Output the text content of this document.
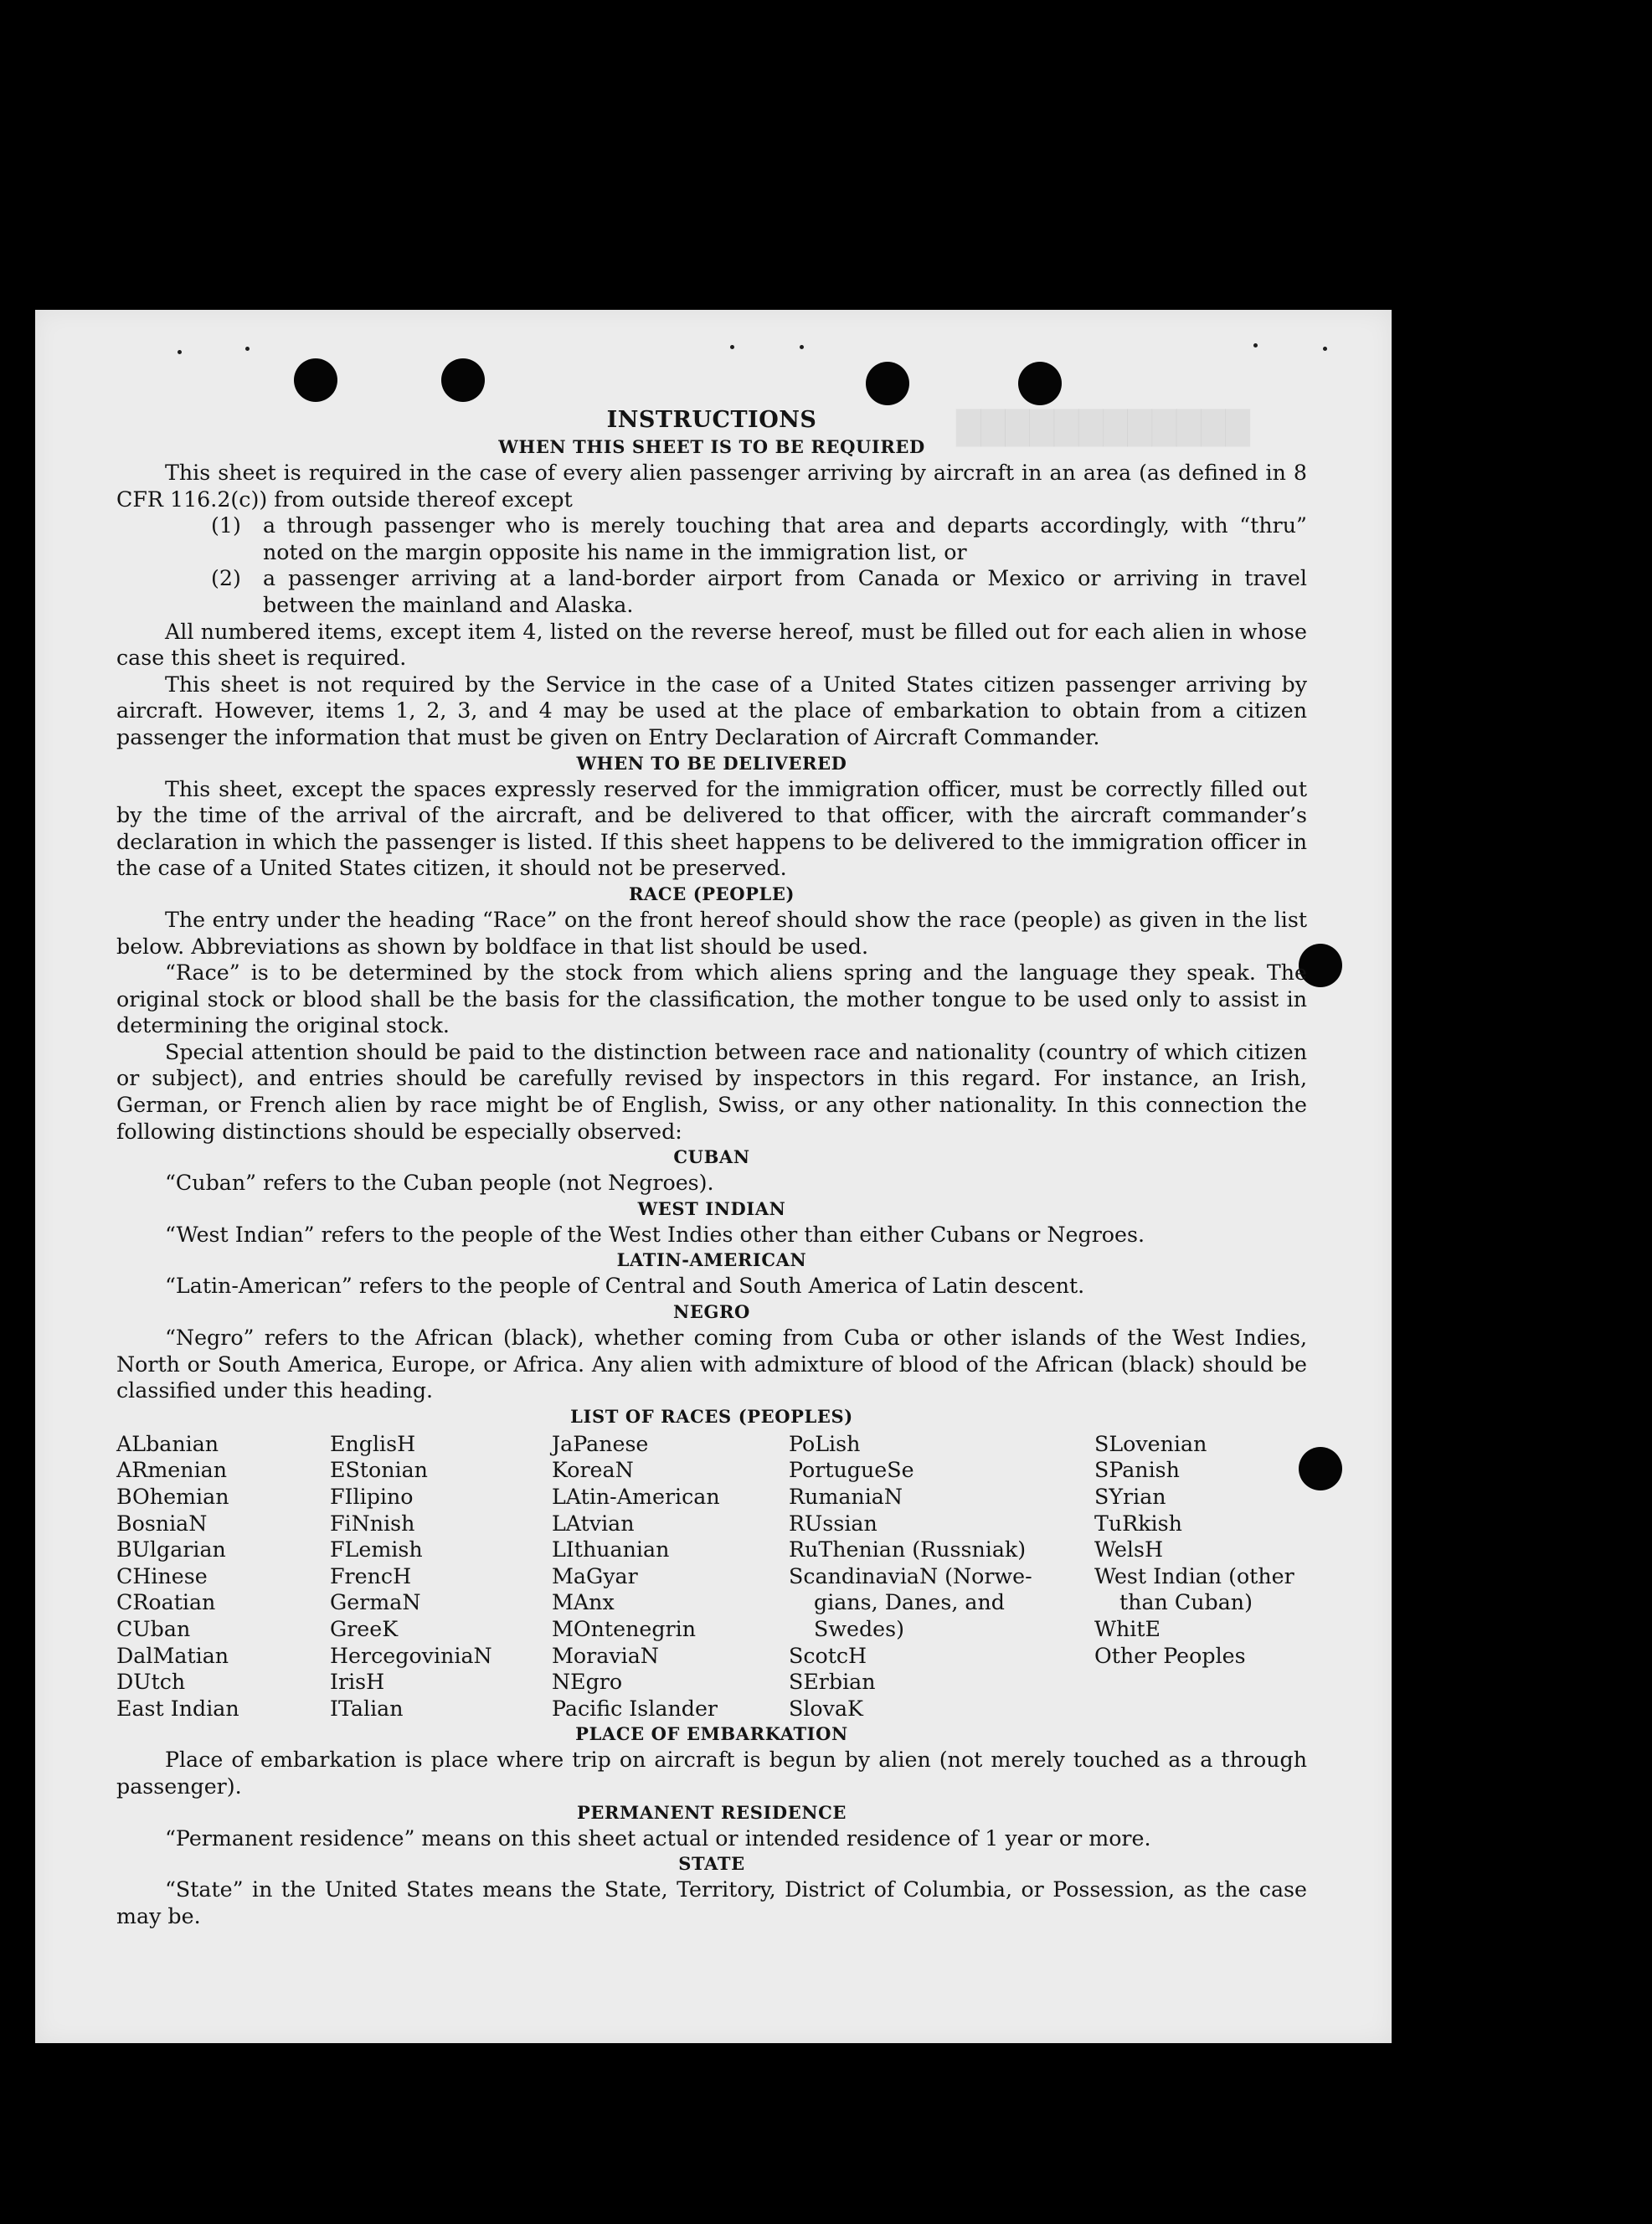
████████████
INSTRUCTIONS
WHEN THIS SHEET IS TO BE REQUIRED

This sheet is required in the case of every alien passenger arriving by aircraft in an area (as defined in 8 CFR 116.2(c)) from outside thereof except

(1) a through passenger who is merely touching that area and departs accordingly, with “thru” noted on the margin opposite his name in the immigration list, or
(2) a passenger arriving at a land-border airport from Canada or Mexico or arriving in travel between the mainland and Alaska.

All numbered items, except item 4, listed on the reverse hereof, must be filled out for each alien in whose case this sheet is required.

This sheet is not required by the Service in the case of a United States citizen passenger arriving by aircraft. However, items 1, 2, 3, and 4 may be used at the place of embarkation to obtain from a citizen passenger the information that must be given on Entry Declaration of Aircraft Commander.

WHEN TO BE DELIVERED

This sheet, except the spaces expressly reserved for the immigration officer, must be correctly filled out by the time of the arrival of the aircraft, and be delivered to that officer, with the aircraft commander’s declaration in which the passenger is listed. If this sheet happens to be delivered to the immigration officer in the case of a United States citizen, it should not be preserved.

RACE (PEOPLE)

The entry under the heading “Race” on the front hereof should show the race (people) as given in the list below. Abbreviations as shown by boldface in that list should be used.

“Race” is to be determined by the stock from which aliens spring and the language they speak. The original stock or blood shall be the basis for the classification, the mother tongue to be used only to assist in determining the original stock.

Special attention should be paid to the distinction between race and nationality (country of which citizen or subject), and entries should be carefully revised by inspectors in this regard. For instance, an Irish, German, or French alien by race might be of English, Swiss, or any other nationality. In this connection the following distinctions should be especially observed:

CUBAN

“Cuban” refers to the Cuban people (not Negroes).

WEST INDIAN

“West Indian” refers to the people of the West Indies other than either Cubans or Negroes.

LATIN-AMERICAN

“Latin-American” refers to the people of Central and South America of Latin descent.

NEGRO

“Negro” refers to the African (black), whether coming from Cuba or other islands of the West Indies, North or South America, Europe, or Africa. Any alien with admixture of blood of the African (black) should be classified under this heading.

LIST OF RACES (PEOPLES)
ALbanian
ARmenian
BOhemian
BosniaN
BUlgarian
CHinese
CRoatian
CUban
DalMatian
DUtch
East Indian
EnglisH
EStonian
FIlipino
FiNnish
FLemish
FrencH
GermaN
GreeK
HercegoviniaN
IrisH
ITalian
JaPanese
KoreaN
LAtin-American
LAtvian
LIthuanian
MaGyar
MAnx
MOntenegrin
MoraviaN
NEgro
Pacific Islander
PoLish
PortugueSe
RumaniaN
RUssian
RuThenian (Russniak)
ScandinaviaN (Norwe-
gians, Danes, and
Swedes)
ScotcH
SErbian
SlovaK
SLovenian
SPanish
SYrian
TuRkish
WelsH
West Indian (other
than Cuban)
WhitE
Other Peoples
PLACE OF EMBARKATION

Place of embarkation is place where trip on aircraft is begun by alien (not merely touched as a through passenger).

PERMANENT RESIDENCE

“Permanent residence” means on this sheet actual or intended residence of 1 year or more.

STATE

“State” in the United States means the State, Territory, District of Columbia, or Possession, as the case may be.
